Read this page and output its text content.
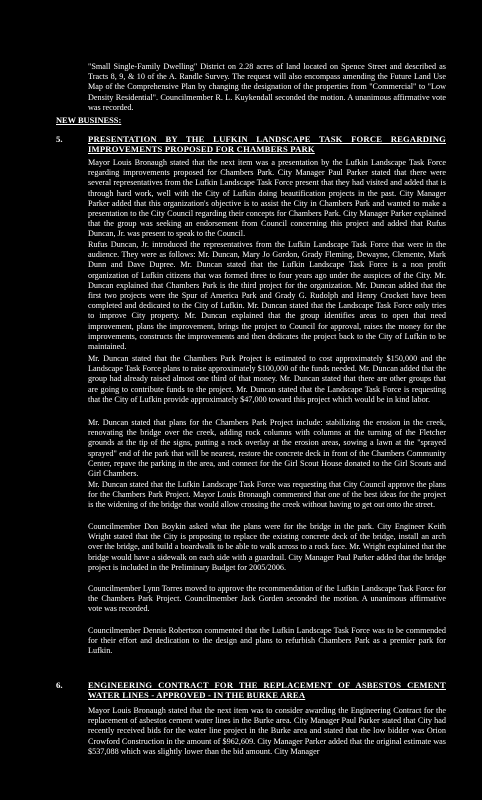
"Small Single-Family Dwelling" District on 2.28 acres of land located on Spence Street and described as Tracts 8, 9, & 10 of the A. Randle Survey. The request will also encompass amending the Future Land Use Map of the Comprehensive Plan by changing the designation of the properties from "Commercial" to "Low Density Residential". Councilmember R. L. Kuykendall seconded the motion. A unanimous affirmative vote was recorded.
NEW BUSINESS:
5.	PRESENTATION BY THE LUFKIN LANDSCAPE TASK FORCE REGARDING IMPROVEMENTS PROPOSED FOR CHAMBERS PARK
Mayor Louis Bronaugh stated that the next item was a presentation by the Lufkin Landscape Task Force regarding improvements proposed for Chambers Park. City Manager Paul Parker stated that there were several representatives from the Lufkin Landscape Task Force present that they had visited and added that is through hard work, well with the City of Lufkin doing beautification projects in the past. City Manager Parker added that this organization's objective is to assist the City in Chambers Park and wanted to make a presentation to the City Council regarding their concepts for Chambers Park. City Manager Parker explained that the group was seeking an endorsement from Council concerning this project and added that Rufus Duncan, Jr. was present to speak to the Council.
Rufus Duncan, Jr. introduced the representatives from the Lufkin Landscape Task Force that were in the audience. They were as follows: Mr. Duncan, Mary Jo Gordon, Grady Fleming, Dewayne, Clemente, Mark Dunn and Dave Dupree. Mr. Duncan stated that the Lufkin Landscape Task Force is a non profit organization of Lufkin citizens that was formed three to four years ago under the auspices of the City. Mr. Duncan explained that Chambers Park is the third project for the organization. Mr. Duncan added that the first two projects were the Spur of America Park and Grady G. Rudolph and Henry Crockett have been completed and dedicated to the City of Lufkin. Mr. Duncan stated that the Landscape Task Force only tries to improve City property. Mr. Duncan explained that the group identifies areas to open that need improvement, plans the improvement, brings the project to Council for approval, raises the money for the improvements, constructs the improvements and then dedicates the project back to the City of Lufkin to be maintained.
Mr. Duncan stated that the Chambers Park Project is estimated to cost approximately $150,000 and the Landscape Task Force plans to raise approximately $100,000 of the funds needed. Mr. Duncan added that the group had already raised almost one third of that money. Mr. Duncan stated that there are other groups that are going to contribute funds to the project. Mr. Duncan stated that the Landscape Task Force is requesting that the City of Lufkin provide approximately $47,000 toward this project which would be in kind labor.
Mr. Duncan stated that plans for the Chambers Park Project include: stabilizing the erosion in the creek, renovating the bridge over the creek, adding rock columns with columns at the turning of the Fletcher grounds at the tip of the signs, putting a rock overlay at the erosion areas, sowing a lawn at the "sprayed sprayed" end of the park that will be nearest, restore the concrete deck in front of the Chambers Community Center, repave the parking in the area, and connect for the Girl Scout House donated to the Girl Scouts and Girl Chambers.
Mr. Duncan stated that the Lufkin Landscape Task Force was requesting that City Council approve the plans for the Chambers Park Project. Mayor Louis Bronaugh commented that one of the best ideas for the project is the widening of the bridge that would allow crossing the creek without having to get out onto the street.
Councilmember Don Boykin asked what the plans were for the bridge in the park. City Engineer Keith Wright stated that the City is proposing to replace the existing concrete deck of the bridge, install an arch over the bridge, and build a boardwalk to be able to walk across to a rock face. Mr. Wright explained that the bridge would have a sidewalk on each side with a guardrail. City Manager Paul Parker added that the bridge project is included in the Preliminary Budget for 2005/2006.
Councilmember Lynn Torres moved to approve the recommendation of the Lufkin Landscape Task Force for the Chambers Park Project. Councilmember Jack Gorden seconded the motion. A unanimous affirmative vote was recorded.
Councilmember Dennis Robertson commented that the Lufkin Landscape Task Force was to be commended for their effort and dedication to the design and plans to refurbish Chambers Park as a premier park for Lufkin.
6.	ENGINEERING CONTRACT FOR THE REPLACEMENT OF ASBESTOS CEMENT WATER LINES - APPROVED - IN THE BURKE AREA
Mayor Louis Bronaugh stated that the next item was to consider awarding the Engineering Contract for the replacement of asbestos cement water lines in the Burke area. City Manager Paul Parker stated that City had recently received bids for the water line project in the Burke area and stated that the low bidder was Orion Crowford Construction in the amount of $962,609. City Manager Parker added that the original estimate was $537,088 which was slightly lower than the bid amount. City Manager
